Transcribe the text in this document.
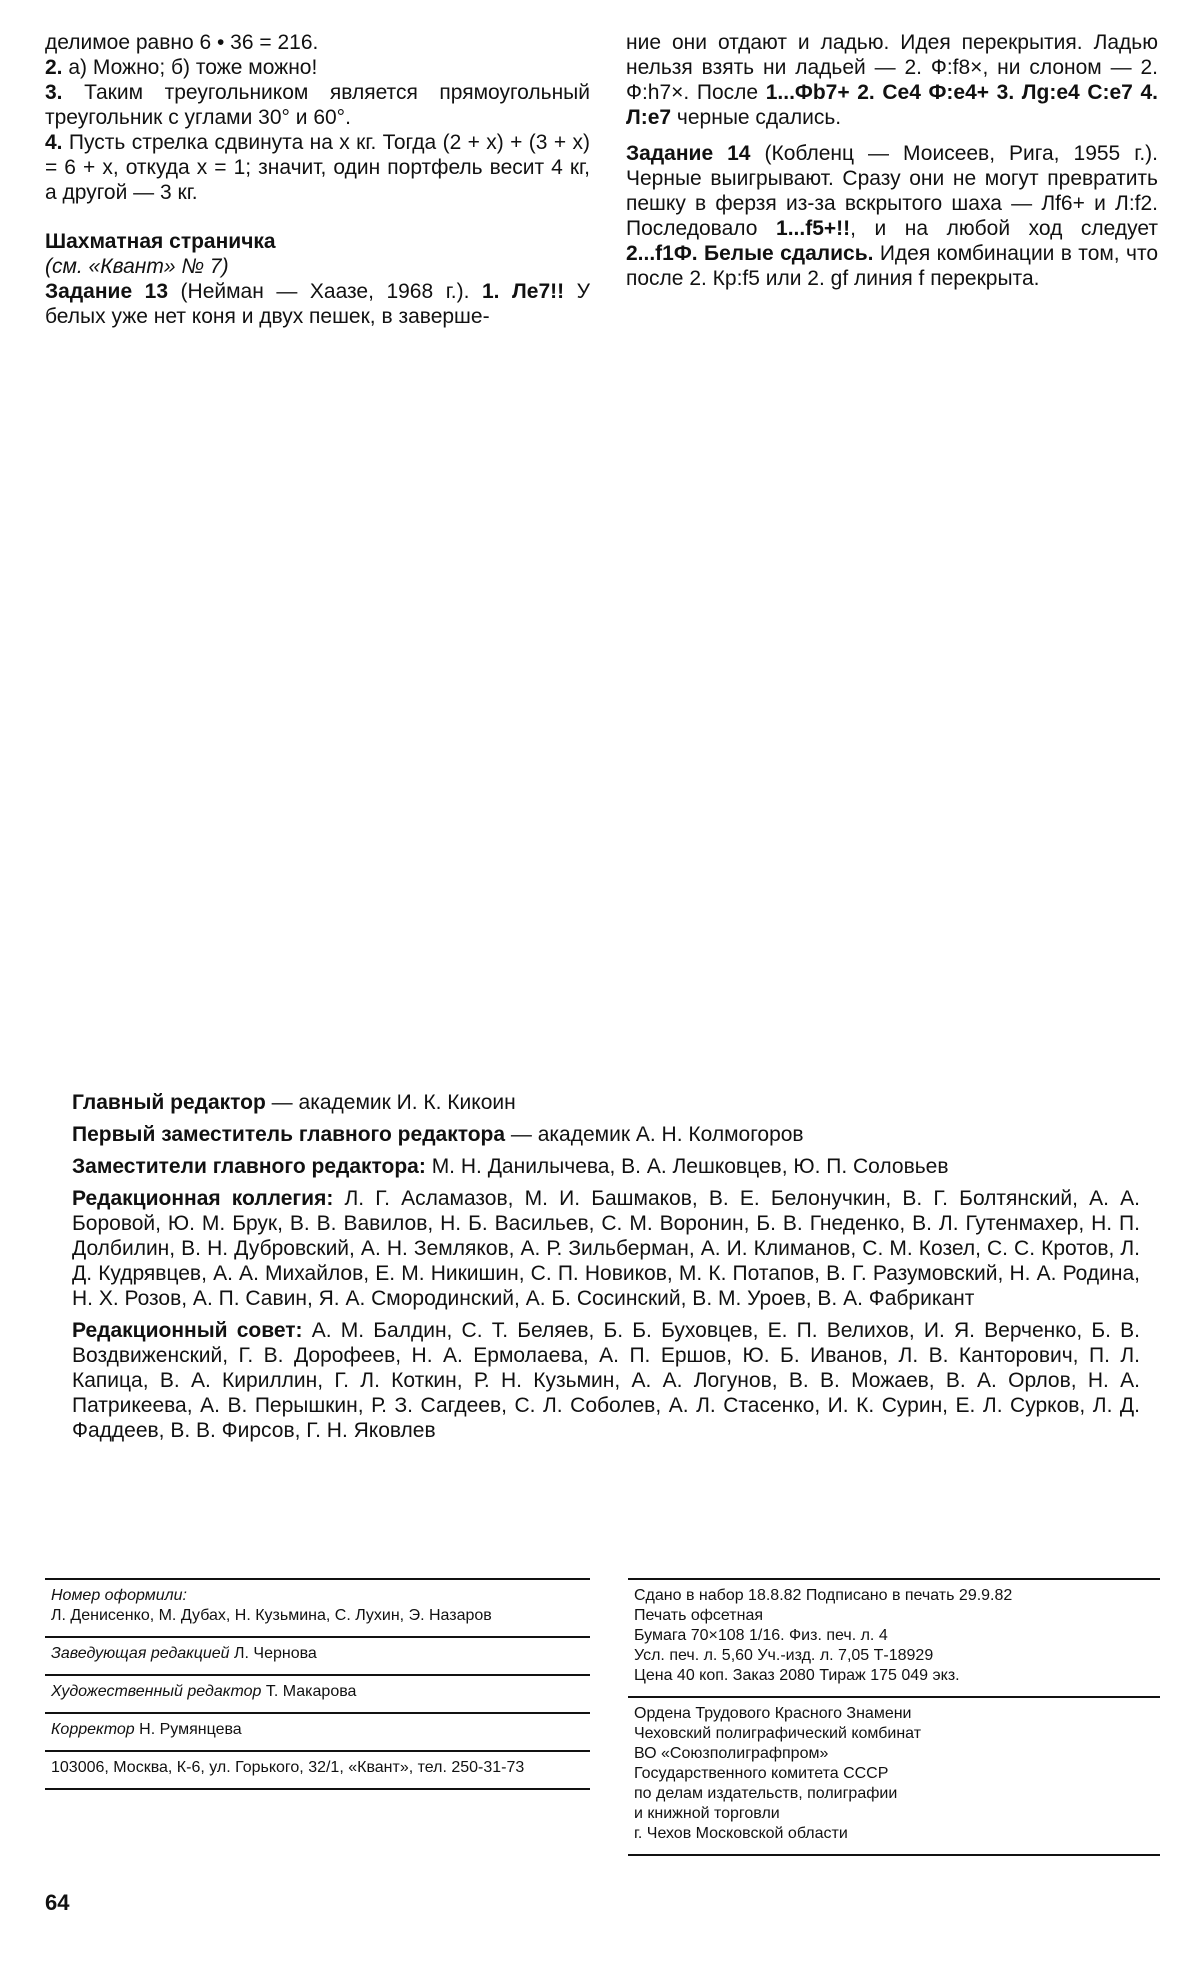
делимое равно 6 • 36 = 216.

2. а) Можно; б) тоже можно!

3. Таким треугольником является прямоугольный треугольник с углами 30° и 60°.

4. Пусть стрелка сдвинута на x кг. Тогда (2 + x) + (3 + x) = 6 + x, откуда x = 1; значит, один портфель весит 4 кг, а другой — 3 кг.

Шахматная страничка

(см. «Квант» № 7)

Задание 13 (Нейман — Хаазе, 1968 г.). 1. Ле7!! У белых уже нет коня и двух пешек, в заверше-

ние они отдают и ладью. Идея перекрытия. Ладью нельзя взять ни ладьей — 2. Ф:f8×, ни слоном — 2. Ф:h7×. После 1...Фb7+ 2. Се4 Ф:е4+ 3. Лg:е4 С:е7 4. Л:е7 черные сдались.

Задание 14 (Кобленц — Моисеев, Рига, 1955 г.). Черные выигрывают. Сразу они не могут превратить пешку в ферзя из-за вскрытого шаха — Лf6+ и Л:f2. Последовало 1...f5+!!, и на любой ход следует 2...f1Ф. Белые сдались. Идея комбинации в том, что после 2. Кр:f5 или 2. gf линия f перекрыта.

Главный редактор — академик И. К. Кикоин

Первый заместитель главного редактора — академик А. Н. Колмогоров

Заместители главного редактора: М. Н. Данилычева, В. А. Лешковцев, Ю. П. Соловьев

Редакционная коллегия: Л. Г. Асламазов, М. И. Башмаков, В. Е. Белонучкин, В. Г. Болтянский, А. А. Боровой, Ю. М. Брук, В. В. Вавилов, Н. Б. Васильев, С. М. Воронин, Б. В. Гнеденко, В. Л. Гутенмахер, Н. П. Долбилин, В. Н. Дубровский, А. Н. Земляков, А. Р. Зильберман, А. И. Климанов, С. М. Козел, С. С. Кротов, Л. Д. Кудрявцев, А. А. Михайлов, Е. М. Никишин, С. П. Новиков, М. К. Потапов, В. Г. Разумовский, Н. А. Родина, Н. Х. Розов, А. П. Савин, Я. А. Смородинский, А. Б. Сосинский, В. М. Уроев, В. А. Фабрикант

Редакционный совет: А. М. Балдин, С. Т. Беляев, Б. Б. Буховцев, Е. П. Велихов, И. Я. Верченко, Б. В. Воздвиженский, Г. В. Дорофеев, Н. А. Ермолаева, А. П. Ершов, Ю. Б. Иванов, Л. В. Канторович, П. Л. Капица, В. А. Кириллин, Г. Л. Коткин, Р. Н. Кузьмин, А. А. Логунов, В. В. Можаев, В. А. Орлов, Н. А. Патрикеева, А. В. Перышкин, Р. З. Сагдеев, С. Л. Соболев, А. Л. Стасенко, И. К. Сурин, Е. Л. Сурков, Л. Д. Фаддеев, В. В. Фирсов, Г. Н. Яковлев

Номер оформили:
Л. Денисенко, М. Дубах, Н. Кузьмина, С. Лухин, Э. Назаров
Заведующая редакцией Л. Чернова
Художественный редактор Т. Макарова
Корректор Н. Румянцева
103006, Москва, К-6, ул. Горького, 32/1, «Квант», тел. 250-31-73
Сдано в набор 18.8.82 Подписано в печать 29.9.82
Печать офсетная
Бумага 70×108 1/16. Физ. печ. л. 4
Усл. печ. л. 5,60 Уч.-изд. л. 7,05 Т-18929
Цена 40 коп. Заказ 2080 Тираж 175 049 экз.
Ордена Трудового Красного Знамени
Чеховский полиграфический комбинат
ВО «Союзполиграфпром»
Государственного комитета СССР
по делам издательств, полиграфии
и книжной торговли
г. Чехов Московской области
64
